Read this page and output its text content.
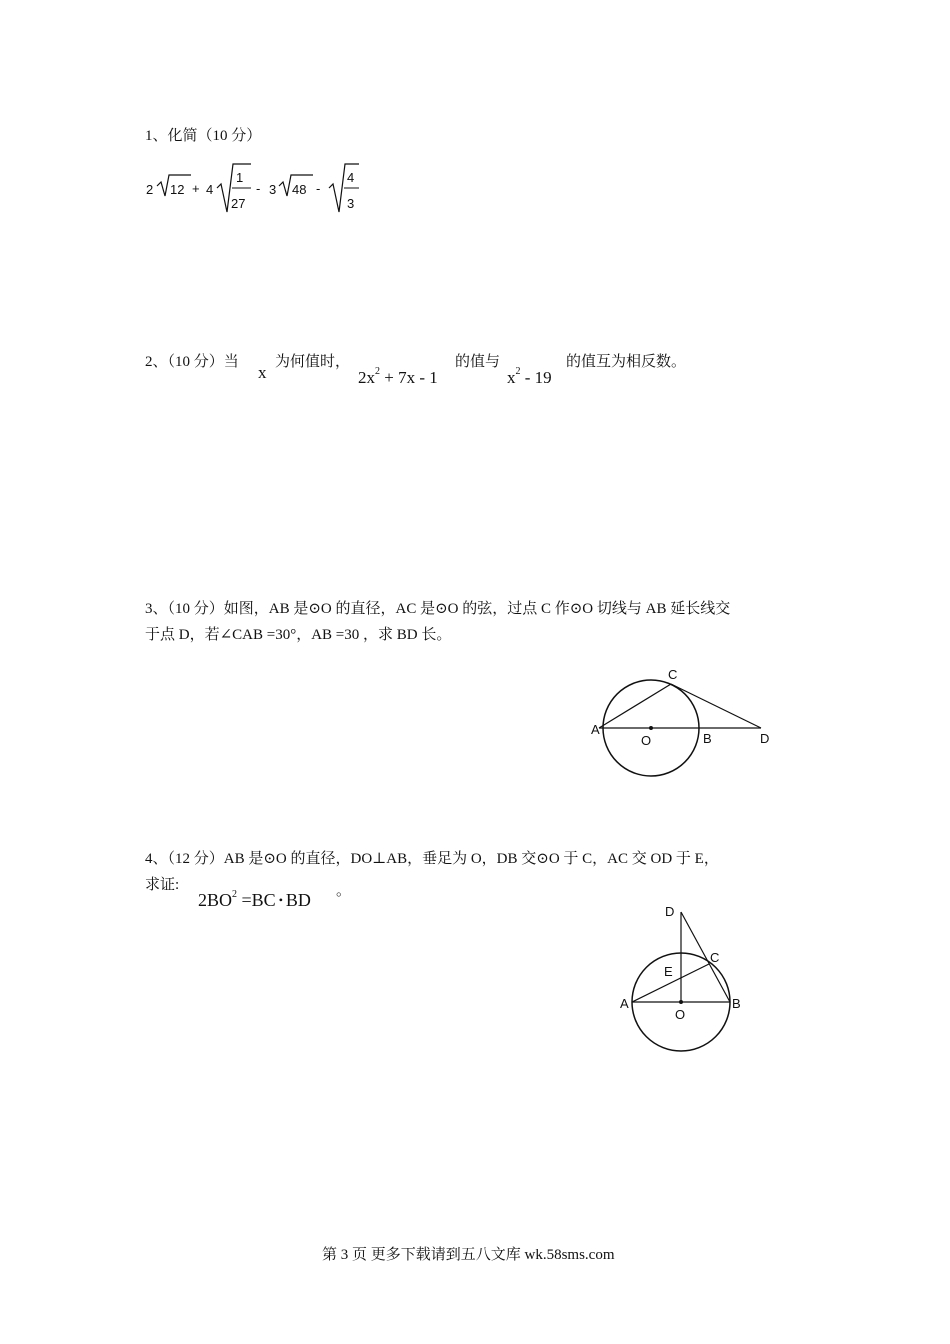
1、化简（10 分）
2 12 + 4
1
27
- 3 48 -
4
3
2、（10 分）当
x
为何值时，
$2x^2 + 7x - 1$
的值与
$x^2 - 19$
的值互为相反数。
3、（10 分）如图，AB 是⊙O 的直径，AC 是⊙O 的弦，过点 C 作⊙O 切线与 AB 延长线交
于点 D，若∠CAB =30°，AB =30 ，求 BD 长。
A
C
O	B	D
4、（12 分）AB 是⊙O 的直径，DO⊥AB，垂足为 O，DB 交⊙O 于 C，AC 交 OD 于 E，
求证:
$2BO^2 =BC$ • BD 。
D
E
C
A
O
B
第 3 页 更多下载请到五八文库 wk.58sms.com
